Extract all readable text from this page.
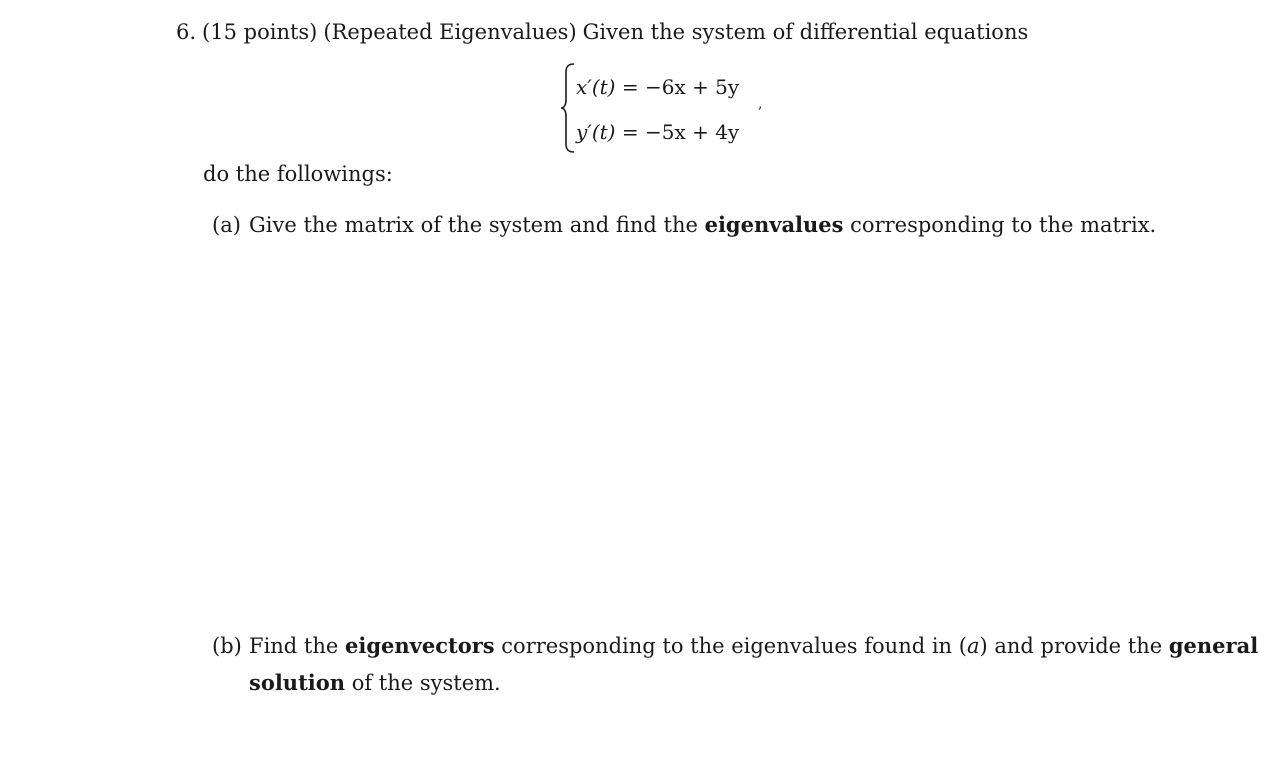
6. (15 points) (Repeated Eigenvalues) Given the system of differential equations
x′(t) = −6x + 5y
y′(t) = −5x + 4y
,
do the followings:
(a) Give the matrix of the system and find the eigenvalues corresponding to the matrix.
(b) Find the eigenvectors corresponding to the eigenvalues found in (a) and provide the general
solution of the system.
